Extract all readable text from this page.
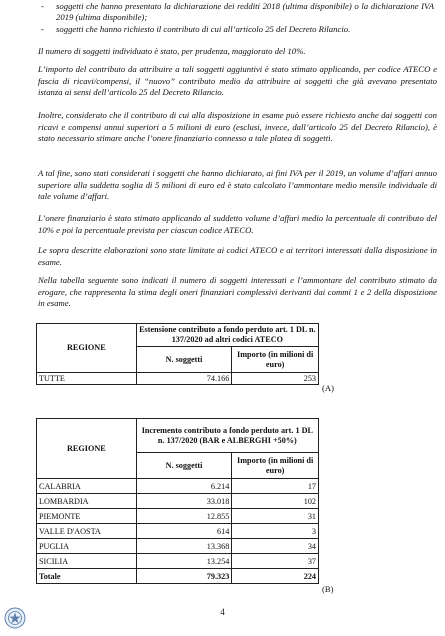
- soggetti che hanno presentato la dichiarazione dei redditi 2018 (ultima disponibile) o la dichiarazione IVA 2019 (ultima disponibile);
- soggetti che hanno richiesto il contributo di cui all’articolo 25 del Decreto Rilancio.

Il numero di soggetti individuato è stato, per prudenza, maggiorato del 10%.

L’importo del contributo da attribuire a tali soggetti aggiuntivi è stato stimato applicando, per codice ATECO e fascia di ricavi/compensi, il “nuovo” contributo medio da attribuire ai soggetti che già avevano presentato istanza ai sensi dell’articolo 25 del Decreto Rilancio.

Inoltre, considerato che il contributo di cui alla disposizione in esame può essere richiesto anche dai soggetti con ricavi e compensi annui superiori a 5 milioni di euro (esclusi, invece, dall’articolo 25 del Decreto Rilancio), è stato necessario stimare anche l’onere finanziario connesso a tale platea di soggetti.

A tal fine, sono stati considerati i soggetti che hanno dichiarato, ai fini IVA per il 2019, un volume d’affari annuo superiore alla suddetta soglia di 5 milioni di euro ed è stato calcolato l’ammontare medio mensile individuale di tale volume d’affari.

L’onere finanziario è stato stimato applicando al suddetto volume d’affari medio la percentuale di contributo del 10% e poi la percentuale prevista per ciascun codice ATECO.

Le sopra descritte elaborazioni sono state limitate ai codici ATECO e ai territori interessati dalla disposizione in esame.

Nella tabella seguente sono indicati il numero di soggetti interessati e l’ammontare del contributo stimato da erogare, che rappresenta la stima degli oneri finanziari complessivi derivanti dai commi 1 e 2 della disposizione in esame.

REGIONE	Estensione contributo a fondo perduto art. 1 DL n. 137/2020 ad altri codici ATECO	
	N. soggetti	Importo (in milioni di euro)
TUTTE	74.166	253
(A)
REGIONE	Incremento contributo a fondo perduto art. 1 DL n. 137/2020 (BAR e ALBERGHI +50%)	
	N. soggetti	Importo (in milioni di euro)
CALABRIA	6.214	17
LOMBARDIA	33.018	102
PIEMONTE	12.855	31
VALLE D'AOSTA	614	3
PUGLIA	13.368	34
SICILIA	13.254	37
Totale	79.323	224
(B)
4
